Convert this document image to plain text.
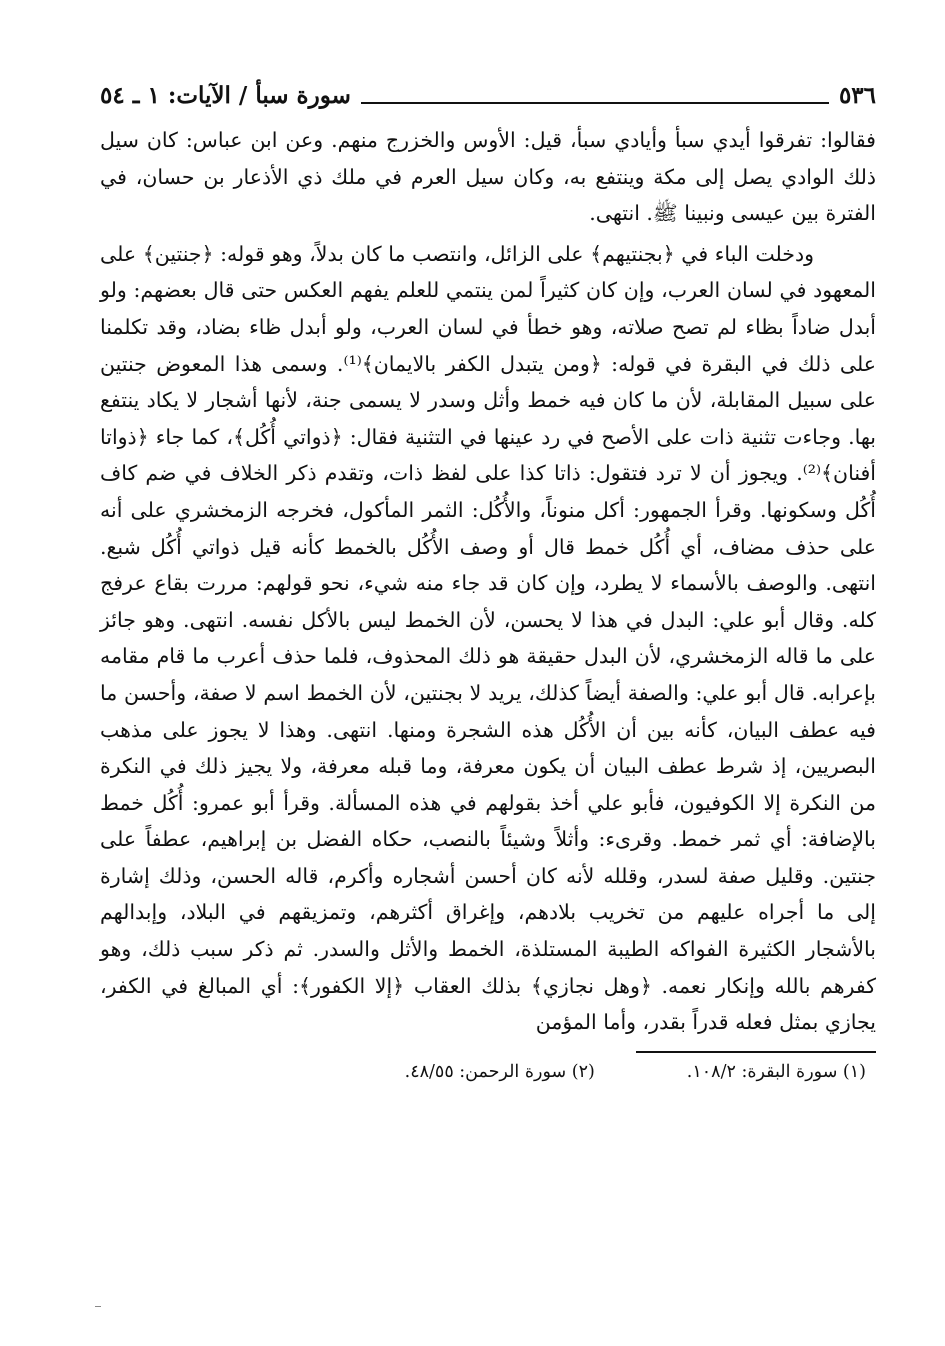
٥٣٦
سورة سبأ / الآيات: ١ ـ ٥٤

فقالوا: تفرقوا أيدي سبأ وأيادي سبأ، قيل: الأوس والخزرج منهم. وعن ابن عباس: كان سيل ذلك الوادي يصل إلى مكة وينتفع به، وكان سيل العرم في ملك ذي الأذعار بن حسان، في الفترة بين عيسى ونبينا ﷺ. انتهى.

ودخلت الباء في ﴿بجنتيهم﴾ على الزائل، وانتصب ما كان بدلاً، وهو قوله: ﴿جنتين﴾ على المعهود في لسان العرب، وإن كان كثيراً لمن ينتمي للعلم يفهم العكس حتى قال بعضهم: ولو أبدل ضاداً بظاء لم تصح صلاته، وهو خطأ في لسان العرب، ولو أبدل ظاء بضاد، وقد تكلمنا على ذلك في البقرة في قوله: ﴿ومن يتبدل الكفر بالايمان﴾⁽¹⁾. وسمى هذا المعوض جنتين على سبيل المقابلة، لأن ما كان فيه خمط وأثل وسدر لا يسمى جنة، لأنها أشجار لا يكاد ينتفع بها. وجاءت تثنية ذات على الأصح في رد عينها في التثنية فقال: ﴿ذواتي أُكُل﴾، كما جاء ﴿ذواتا أفنان﴾⁽²⁾. ويجوز أن لا ترد فتقول: ذاتا كذا على لفظ ذات، وتقدم ذكر الخلاف في ضم كاف أُكُل وسكونها. وقرأ الجمهور: أكل منوناً، والأُكُل: الثمر المأكول، فخرجه الزمخشري على أنه على حذف مضاف، أي أُكُل خمط قال أو وصف الأُكُل بالخمط كأنه قيل ذواتي أُكُل شبع. انتهى. والوصف بالأسماء لا يطرد، وإن كان قد جاء منه شيء، نحو قولهم: مررت بقاع عرفج كله. وقال أبو علي: البدل في هذا لا يحسن، لأن الخمط ليس بالأكل نفسه. انتهى. وهو جائز على ما قاله الزمخشري، لأن البدل حقيقة هو ذلك المحذوف، فلما حذف أعرب ما قام مقامه بإعرابه. قال أبو علي: والصفة أيضاً كذلك، يريد لا بجنتين، لأن الخمط اسم لا صفة، وأحسن ما فيه عطف البيان، كأنه بين أن الأُكُل هذه الشجرة ومنها. انتهى. وهذا لا يجوز على مذهب البصريين، إذ شرط عطف البيان أن يكون معرفة، وما قبله معرفة، ولا يجيز ذلك في النكرة من النكرة إلا الكوفيون، فأبو علي أخذ بقولهم في هذه المسألة. وقرأ أبو عمرو: أُكُل خمط بالإضافة: أي ثمر خمط. وقرىء: وأثلاً وشيئاً بالنصب، حكاه الفضل بن إبراهيم، عطفاً على جنتين. وقليل صفة لسدر، وقلله لأنه كان أحسن أشجاره وأكرم، قاله الحسن، وذلك إشارة إلى ما أجراه عليهم من تخريب بلادهم، وإغراق أكثرهم، وتمزيقهم في البلاد، وإبدالهم بالأشجار الكثيرة الفواكه الطيبة المستلذة، الخمط والأثل والسدر. ثم ذكر سبب ذلك، وهو كفرهم بالله وإنكار نعمه. ﴿وهل نجازي﴾ بذلك العقاب ﴿إلا الكفور﴾: أي المبالغ في الكفر، يجازي بمثل فعله قدراً بقدر، وأما المؤمن

(١) سورة البقرة: ١٠٨/٢.
(٢) سورة الرحمن: ٤٨/٥٥.
